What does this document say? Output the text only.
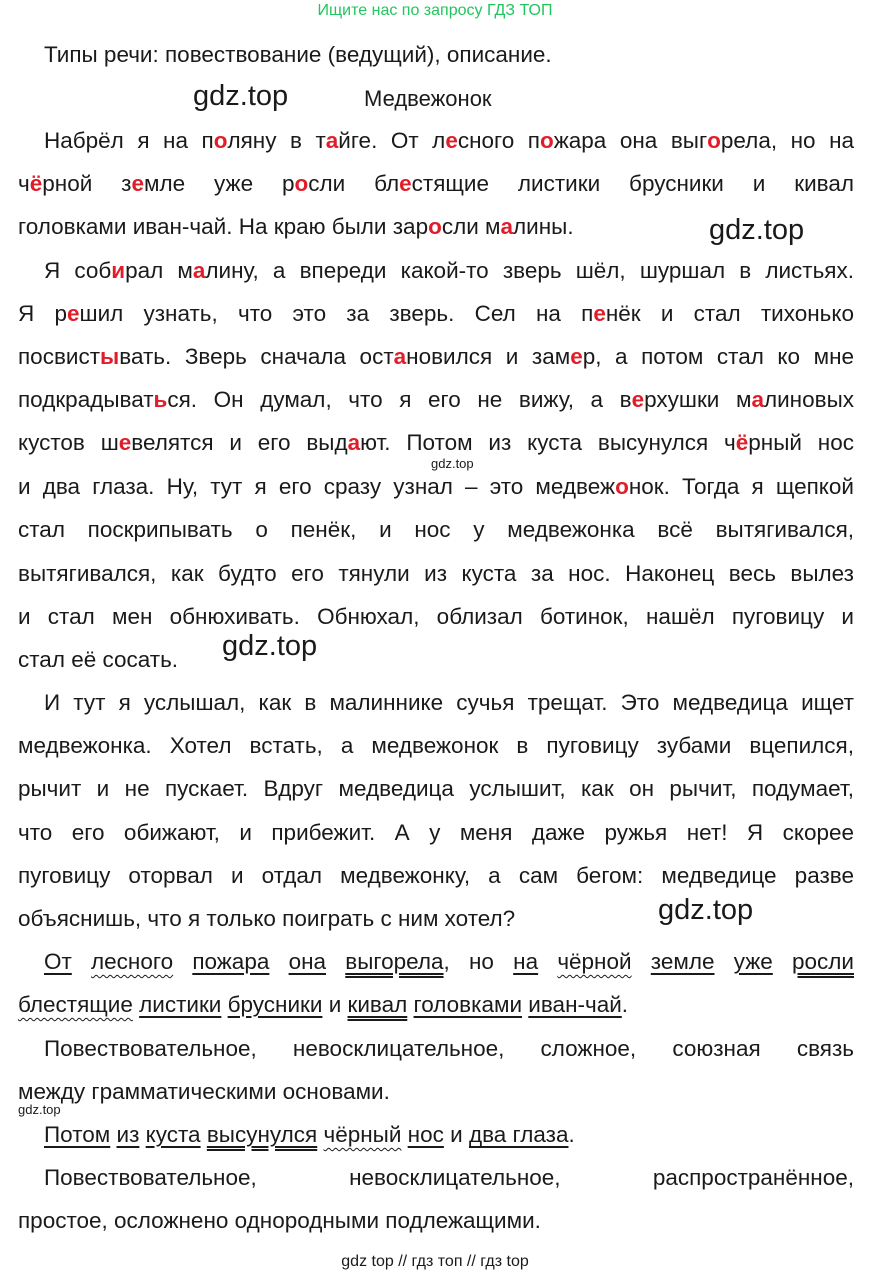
Ищите нас по запросу ГДЗ ТОП
Типы речи: повествование (ведущий), описание.
gdz.top	Медвежонок
Набрёл я на поляну в тайге. От лесного пожара она выгорела, но на
чёрной земле уже росли блестящие листики брусники и кивал
головками иван-чай. На краю были заросли малины.	gdz.top
Я собирал малину, а впереди какой-то зверь шёл, шуршал в листьях.
Я решил узнать, что это за зверь. Сел на пенёк и стал тихонько
посвистывать. Зверь сначала остановился и замер, а потом стал ко мне
подкрадываться. Он думал, что я его не вижу, а верхушки малиновых
кустов шевелятся и его выдают. Потом из куста высунулся чёрный нос
gdz.top
и два глаза. Ну, тут я его сразу узнал – это медвежонок. Тогда я щепкой
стал поскрипывать о пенёк, и нос у медвежонка всё вытягивался,
вытягивался, как будто его тянули из куста за нос. Наконец весь вылез
и стал мен обнюхивать. Обнюхал, облизал ботинок, нашёл пуговицу и
стал её сосать.	gdz.top
И тут я услышал, как в малиннике сучья трещат. Это медведица ищет
медвежонка. Хотел встать, а медвежонок в пуговицу зубами вцепился,
рычит и не пускает. Вдруг медведица услышит, как он рычит, подумает,
что его обижают, и прибежит. А у меня даже ружья нет! Я скорее
пуговицу оторвал и отдал медвежонку, а сам бегом: медведице разве
объяснишь, что я только поиграть с ним хотел?	gdz.top
От лесного пожара она выгорела, но на чёрной земле уже росли
блестящие листики брусники и кивал головками иван-чай.
Повествовательное, невосклицательное, сложное, союзная связь
между грамматическими основами.
gdz.top
Потом из куста высунулся чёрный нос и два глаза.
Повествовательное, невосклицательное, распространённое,
простое, осложнено однородными подлежащими.
gdz top // гдз топ // гдз top
